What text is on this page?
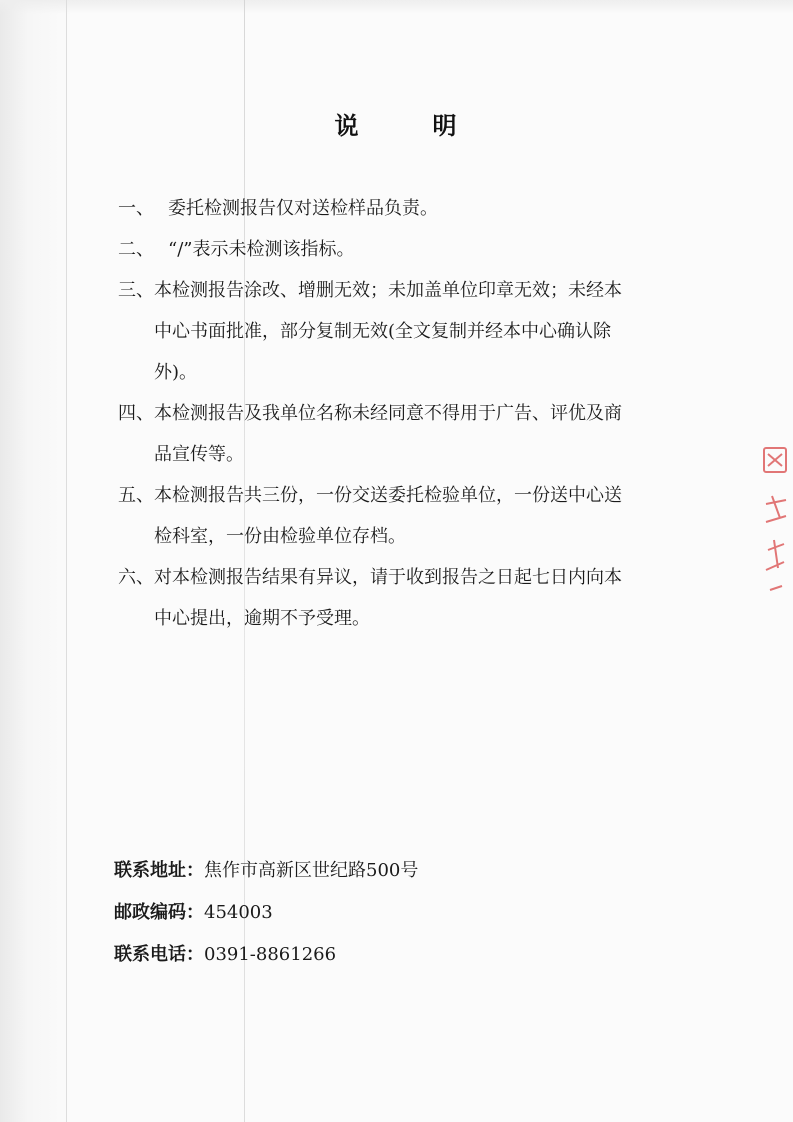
说	明
一、 委托检测报告仅对送检样品负责。
二、 “/”表示未检测该指标。
三、本检测报告涂改、增删无效；未加盖单位印章无效；未经本
中心书面批准，部分复制无效(全文复制并经本中心确认除
外)。
四、本检测报告及我单位名称未经同意不得用于广告、评优及商
品宣传等。
五、本检测报告共三份，一份交送委托检验单位，一份送中心送
检科室，一份由检验单位存档。
六、对本检测报告结果有异议，请于收到报告之日起七日内向本
中心提出，逾期不予受理。
联系地址：焦作市高新区世纪路500号
邮政编码：454003
联系电话：0391-8861266
